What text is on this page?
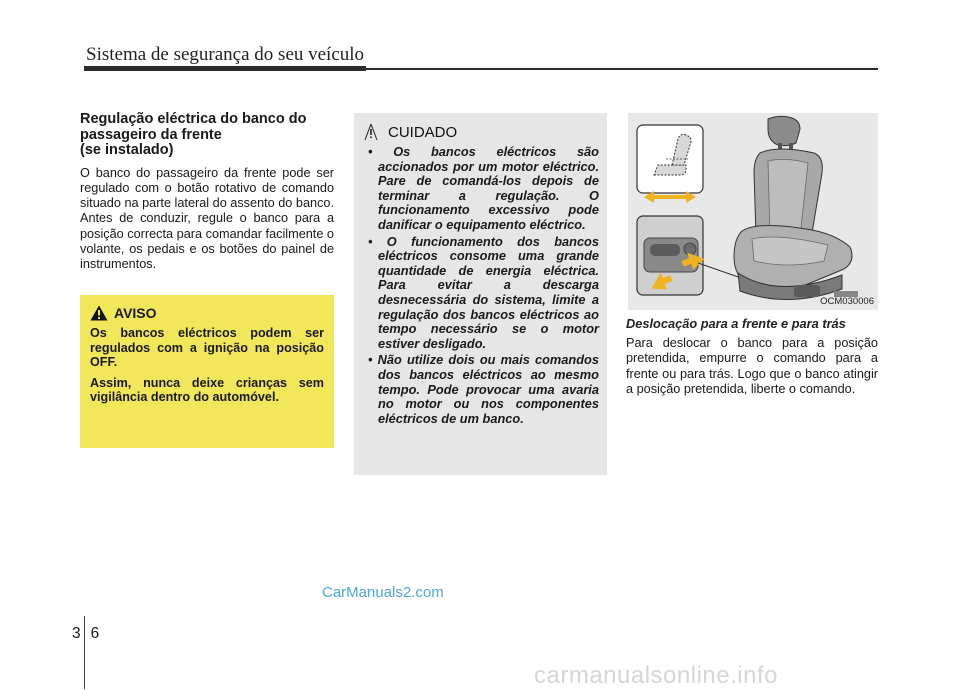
Sistema de segurança do seu veículo
Regulação eléctrica do banco do
passageiro da frente
(se instalado)

O banco do passageiro da frente pode ser regulado com o botão rotativo de comando situado na parte lateral do assento do banco. Antes de conduzir, regule o banco para a posição correcta para comandar facilmente o volante, os pedais e os botões do painel de instrumentos.

AVISO

Os bancos eléctricos podem ser regulados com a ignição na posição OFF.

Assim, nunca deixe crianças sem vigilância dentro do automóvel.

CUIDADO
• Os bancos eléctricos são accionados por um motor eléctrico. Pare de comandá-los depois de terminar a regulação. O funcionamento excessivo pode danificar o equipamento eléctrico.
• O funcionamento dos bancos eléctricos consome uma grande quantidade de energia eléctrica. Para evitar a descarga desnecessária do sistema, limite a regulação dos bancos eléctricos ao tempo necessário se o motor estiver desligado.
• Não utilize dois ou mais comandos dos bancos eléctricos ao mesmo tempo. Pode provocar uma avaria no motor ou nos componentes eléctricos de um banco.
OCM030006

Deslocação para a frente e para trás

Para deslocar o banco para a posição pretendida, empurre o comando para a frente ou para trás. Logo que o banco atingir a posição pretendida, liberte o comando.

CarManuals2.com
36
carmanualsonline.info
